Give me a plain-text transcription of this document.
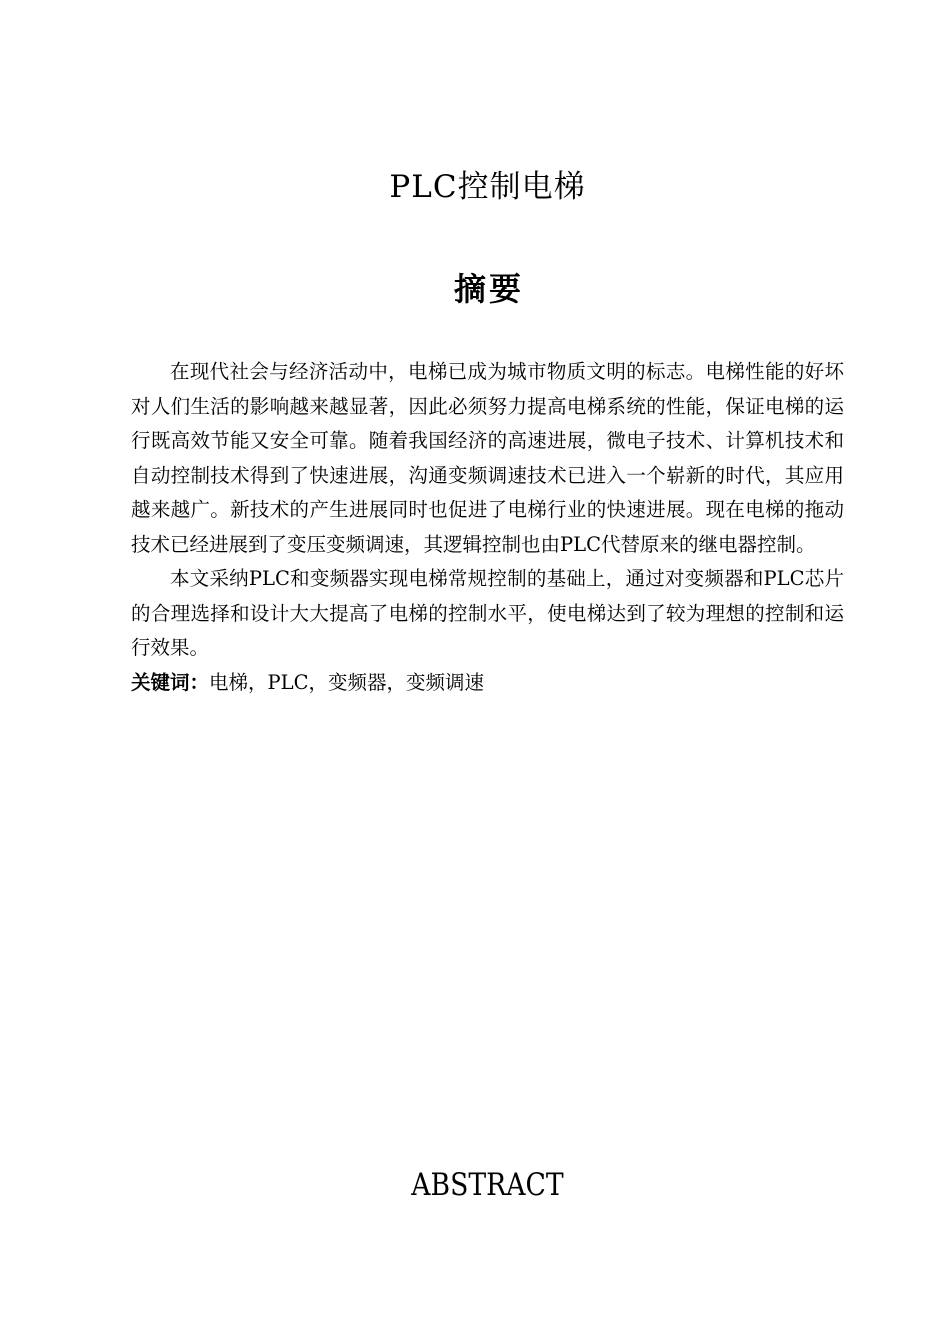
PLC控制电梯
摘要

在现代社会与经济活动中，电梯已成为城市物质文明的标志。电梯性能的好坏对人们生活的影响越来越显著，因此必须努力提高电梯系统的性能，保证电梯的运行既高效节能又安全可靠。随着我国经济的高速进展，微电子技术、计算机技术和自动控制技术得到了快速进展，沟通变频调速技术已进入一个崭新的时代，其应用越来越广。新技术的产生进展同时也促进了电梯行业的快速进展。现在电梯的拖动技术已经进展到了变压变频调速，其逻辑控制也由PLC代替原来的继电器控制。

本文采纳PLC和变频器实现电梯常规控制的基础上，通过对变频器和PLC芯片的合理选择和设计大大提高了电梯的控制水平，使电梯达到了较为理想的控制和运行效果。

关键词：电梯，PLC，变频器，变频调速

ABSTRACT
